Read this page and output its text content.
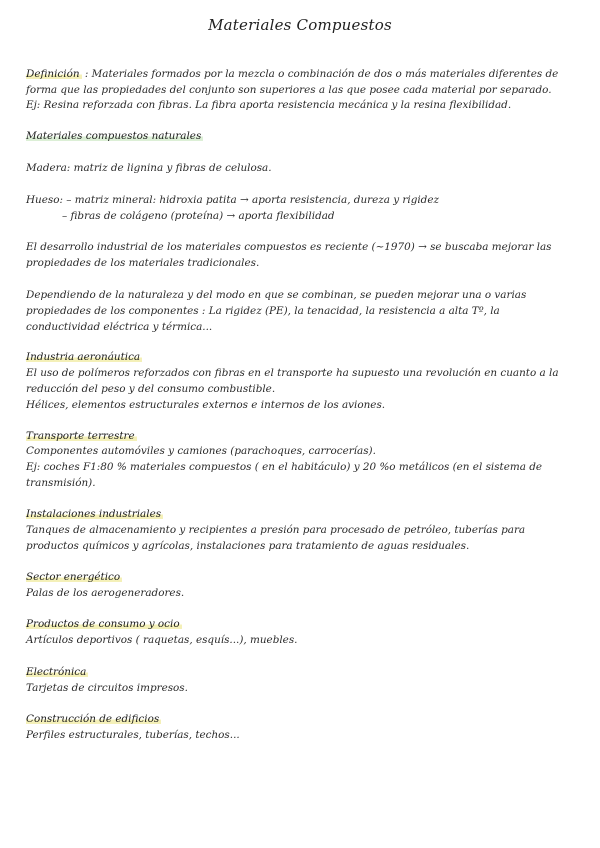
Materiales Compuestos
Definición : Materiales formados por la mezcla o combinación de dos o más materiales diferentes de
forma que las propiedades del conjunto son superiores a las que posee cada material por separado.
Ej: Resina reforzada con fibras. La fibra aporta resistencia mecánica y la resina flexibilidad.
Materiales compuestos naturales
Madera: matriz de lignina y fibras de celulosa.
Hueso: – matriz mineral: hidroxia patita → aporta resistencia, dureza y rigidez
– fibras de colágeno (proteína) → aporta flexibilidad
El desarrollo industrial de los materiales compuestos es reciente (~1970) → se buscaba mejorar las
propiedades de los materiales tradicionales.
Dependiendo de la naturaleza y del modo en que se combinan, se pueden mejorar una o varias
propiedades de los componentes : La rigidez (PE), la tenacidad, la resistencia a alta Tº, la
conductividad eléctrica y térmica...
Industria aeronáutica
El uso de polímeros reforzados con fibras en el transporte ha supuesto una revolución en cuanto a la
reducción del peso y del consumo combustible.
Hélices, elementos estructurales externos e internos de los aviones.
Transporte terrestre
Componentes automóviles y camiones (parachoques, carrocerías).
Ej: coches F1:80 % materiales compuestos ( en el habitáculo) y 20 %o metálicos (en el sistema de
transmisión).
Instalaciones industriales
Tanques de almacenamiento y recipientes a presión para procesado de petróleo, tuberías para
productos químicos y agrícolas, instalaciones para tratamiento de aguas residuales.
Sector energético
Palas de los aerogeneradores.
Productos de consumo y ocio
Artículos deportivos ( raquetas, esquís...), muebles.
Electrónica
Tarjetas de circuitos impresos.
Construcción de edificios
Perfiles estructurales, tuberías, techos...
